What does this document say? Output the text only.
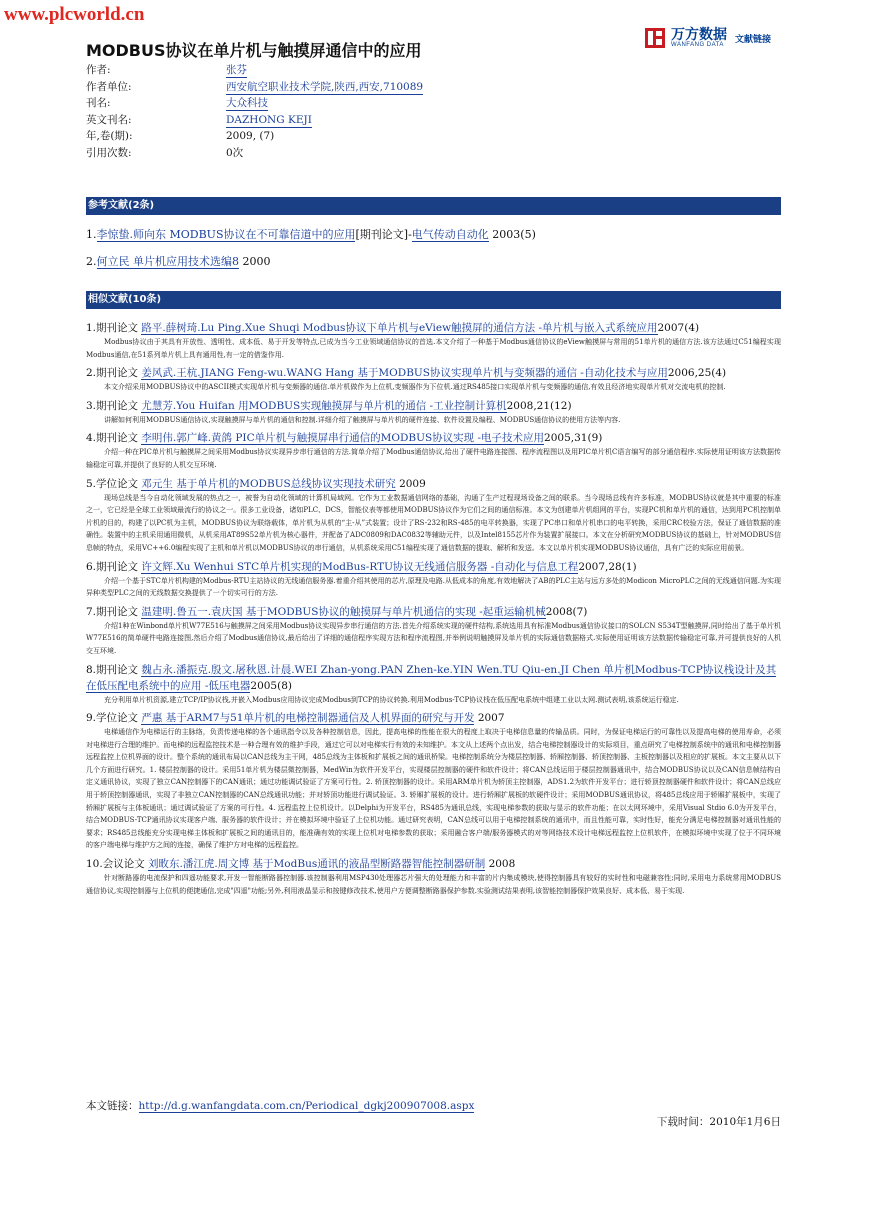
www.plcworld.cn
万方数据
WANFANG DATA
文献链接
MODBUS协议在单片机与触摸屏通信中的应用
作者:	张芬
作者单位:	西安航空职业技术学院,陕西,西安,710089
刊名:	大众科技
英文刊名:	DAZHONG KEJI
年,卷(期):	2009, (7)
引用次数:	0次
参考文献(2条)
1.李惊蛰.师向东 MODBUS协议在不可靠信道中的应用[期刊论文]-电气传动自动化 2003(5)
2.何立民 单片机应用技术选编8 2000
相似文献(10条)
1.期刊论文 路平.薛树琦.Lu Ping.Xue Shuqi Modbus协议下单片机与eView触摸屏的通信方法 -单片机与嵌入式系统应用2007(4)
Modbus协议由于其具有开放性、透明性、成本低、易于开发等特点,已成为当今工业领域通信协议的首选.本文介绍了一种基于Modbus通信协议的eView触摸屏与常用的51单片机的通信方法.该方法通过C51编程实现Modbus通信,在51系列单片机上具有通用性,有一定的借鉴作用.
2.期刊论文 姜风武.王杭.JIANG Feng-wu.WANG Hang 基于MODBUS协议实现单片机与变频器的通信 -自动化技术与应用2006,25(4)
本文介绍采用MODBUS协议中的ASCII模式实现单片机与变频器的通信.单片机做作为上位机,变频器作为下位机.通过RS485接口实现单片机与变频器的通信,有效且经济地实现单片机对交流电机的控制.
3.期刊论文 尤慧芳.You Huifan 用MODBUS实现触摸屏与单片机的通信 -工业控制计算机2008,21(12)
讲解如何利用MODBUS通信协议,实现触摸屏与单片机的通信和控制.详细介绍了触摸屏与单片机的硬件连接、软件设置及编程、MODBUS通信协议的使用方法等内容.
4.期刊论文 李明伟.郭广峰.黄鸽 PIC单片机与触摸屏串行通信的MODBUS协议实现 -电子技术应用2005,31(9)
介绍一种在PIC单片机与触摸屏之间采用Modbus协议实现异步串行通信的方法.简单介绍了Modbus通信协议,给出了硬件电路连接图、程序流程图以及用PIC单片机C语言编写的部分通信程序.实际使用证明该方法数据传输稳定可靠,并提供了良好的人机交互环境.
5.学位论文 邓元生 基于单片机的MODBUS总线协议实现技术研究 2009
现场总线是当今自动化领域发展的热点之一，被誉为自动化领域的计算机局域网。它作为工业数据通信网络的基础，沟通了生产过程现场设备之间的联系。当今现场总线有许多标准，MODBUS协议就是其中重要的标准之一，它已经是全球工业领域最流行的协议之一。很多工业设备，诸如PLC、DCS，智能仪表等都使用MODBUS协议作为它们之间的通信标准。本文为创建单片机组网的平台，实现PC机和单片机的通信，达到用PC机控制单片机的目的，构建了以PC机为主机，MODBUS协议为联络载体，单片机为从机的“主-从”式装置；设计了RS-232和RS-485的电平转换器，实现了PC串口和单片机串口的电平转换，采用CRC校验方法，保证了通信数据的准确性。装置中的主机采用通用微机，从机采用AT89S52单片机为核心器件，并配备了ADC0809和DAC0832等辅助元件，以及Intel8155芯片作为装置扩展接口。本文在分析研究MODBUS协议的基础上，针对MODBUS信息帧的特点，采用VC++6.0编程实现了主机和单片机以MODBUS协议的串行通信，从机系统采用C51编程实现了通信数据的提取、解析和发送。本文以单片机实现MODBUS协议通信，具有广泛的实际应用前景。
6.期刊论文 许文辉.Xu Wenhui STC单片机实现的ModBus-RTU协议无线通信服务器 -自动化与信息工程2007,28(1)
介绍一个基于STC单片机构建的Modbus-RTU主站协议的无线通信服务器.着重介绍其使用的芯片,原理及电路.从低成本的角度,有效地解决了AB的PLC主站与远方多处的Modicon MicroPLC之间的无线通信问题.为实现异种类型PLC之间的无线数据交换提供了一个切实可行的方法.
7.期刊论文 温建明.鲁五一.袁庆国 基于MODBUS协议的触摸屏与单片机通信的实现 -起重运输机械2008(7)
介绍1种在Winbond单片机W77E516与触摸屏之间采用Modbus协议实现异步串行通信的方法.首先介绍系统实现的硬件结构,系统选用具有标准Modbus通信协议接口的SOLCN S534T型触摸屏,同时给出了基于单片机W77E516的简单硬件电路连接图,然后介绍了Modbus通信协议,最后给出了详细的通信程序实现方法和程序流程图,并举例说明触摸屏及单片机的实际通信数据格式.实际使用证明该方法数据传输稳定可靠,并可提供良好的人机交互环境.
8.期刊论文 魏占永.潘振克.殷文.屠秋恩.计晨.WEI Zhan-yong.PAN Zhen-ke.YIN Wen.TU Qiu-en.JI Chen 单片机Modbus-TCP协议栈设计及其在低压配电系统中的应用 -低压电器2005(8)
充分利用单片机资源,建立TCP/IP协议栈,并嵌入Modbus应用协议完成Modbus到TCP的协议转换.利用Modbus-TCP协议栈在低压配电系统中组建工业以太网.测试表明,该系统运行稳定.
9.学位论文 严惠 基于ARM7与51单片机的电梯控制器通信及人机界面的研究与开发 2007
电梯通信作为电梯运行的主脉络，负责传递电梯的各个通讯指令以及各种控制信息，因此，提高电梯的性能在很大的程度上取决于电梯信息量的传输品质。同时，为保证电梯运行的可靠性以及提高电梯的使用寿命，必须对电梯进行合理的维护。而电梯的远程监控技术是一种合理有效的维护手段，通过它可以对电梯实行有效的未知维护。本文从上述两个点出发，结合电梯控制器设计的实际项目，重点研究了电梯控制系统中的通讯和电梯控制器远程监控上位机界面的设计。整个系统的通讯布局以CAN总线为主干网，485总线为主体板和扩展板之间的通讯桥梁。电梯控制系统分为楼层控制器、轿厢控制器、轿顶控制器、主板控制器以及相应的扩展板。本文主要从以下几个方面进行研究。1. 楼层控制器的设计。采用51单片机为楼层微控制器，MedWin为软件开发平台，实现楼层控制器的硬件和软件设计；将CAN总线运用于楼层控制器通讯中，结合MODBUS协议以及CAN信息帧结构自定义通讯协议，实现了独立CAN控制器下的CAN通讯；通过功能调试验证了方案可行性。2. 轿顶控制器的设计。采用ARM单片机为轿顶主控制器，ADS1.2为软件开发平台；进行轿顶控制器硬件和软件设计；将CAN总线应用于轿顶控制器通讯，实现了非独立CAN控制器的CAN总线通讯功能；并对轿顶功能进行调试验证。3. 轿厢扩展板的设计。进行轿厢扩展板的软硬件设计；采用MODBUS通讯协议，将485总线应用于轿厢扩展板中，实现了轿厢扩展板与主体板通讯；通过调试验证了方案的可行性。4. 远程监控上位机设计。以Delphi为开发平台，RS485为通讯总线，实现电梯参数的获取与显示的软件功能；在以太网环境中，采用Visual Stdio 6.0为开发平台，结合MODBUS-TCP通讯协议实现客户端、服务器的软件设计；并在模拟环境中验证了上位机功能。通过研究表明，CAN总线可以用于电梯控制系统的通讯中，而且性能可靠，实时性好，能充分满足电梯控制器对通讯性能的要求；RS485总线能充分实现电梯主体板和扩展板之间的通讯目的，能准确有效的实现上位机对电梯参数的获取；采用融合客户端/服务器模式的对等网络技术设计电梯远程监控上位机软件，在模拟环境中实现了位于不同环境的客户端电梯与维护方之间的连接，确保了维护方对电梯的远程监控。
10.会议论文 刘畋东.潘江虎.周文博 基于ModBus通讯的液晶型断路器智能控制器研制 2008
针对断路器的电流保护和四遥功能要求,开发一智能断路器控制器.该控制器利用MSP430处理器芯片强大的处理能力和丰富的片内集成模块,使得控制器具有较好的实时性和电磁兼容性;同时,采用电力系统常用MODBUS通信协议,实现控制器与上位机的便捷通信,完成"四遥"功能;另外,利用液晶显示和按键修改技术,使用户方便调整断路器保护参数.实验测试结果表明,该智能控制器保护效果良好、成本低、易于实现.
本文链接：http://d.g.wanfangdata.com.cn/Periodical_dgkj200907008.aspx
下载时间：2010年1月6日
